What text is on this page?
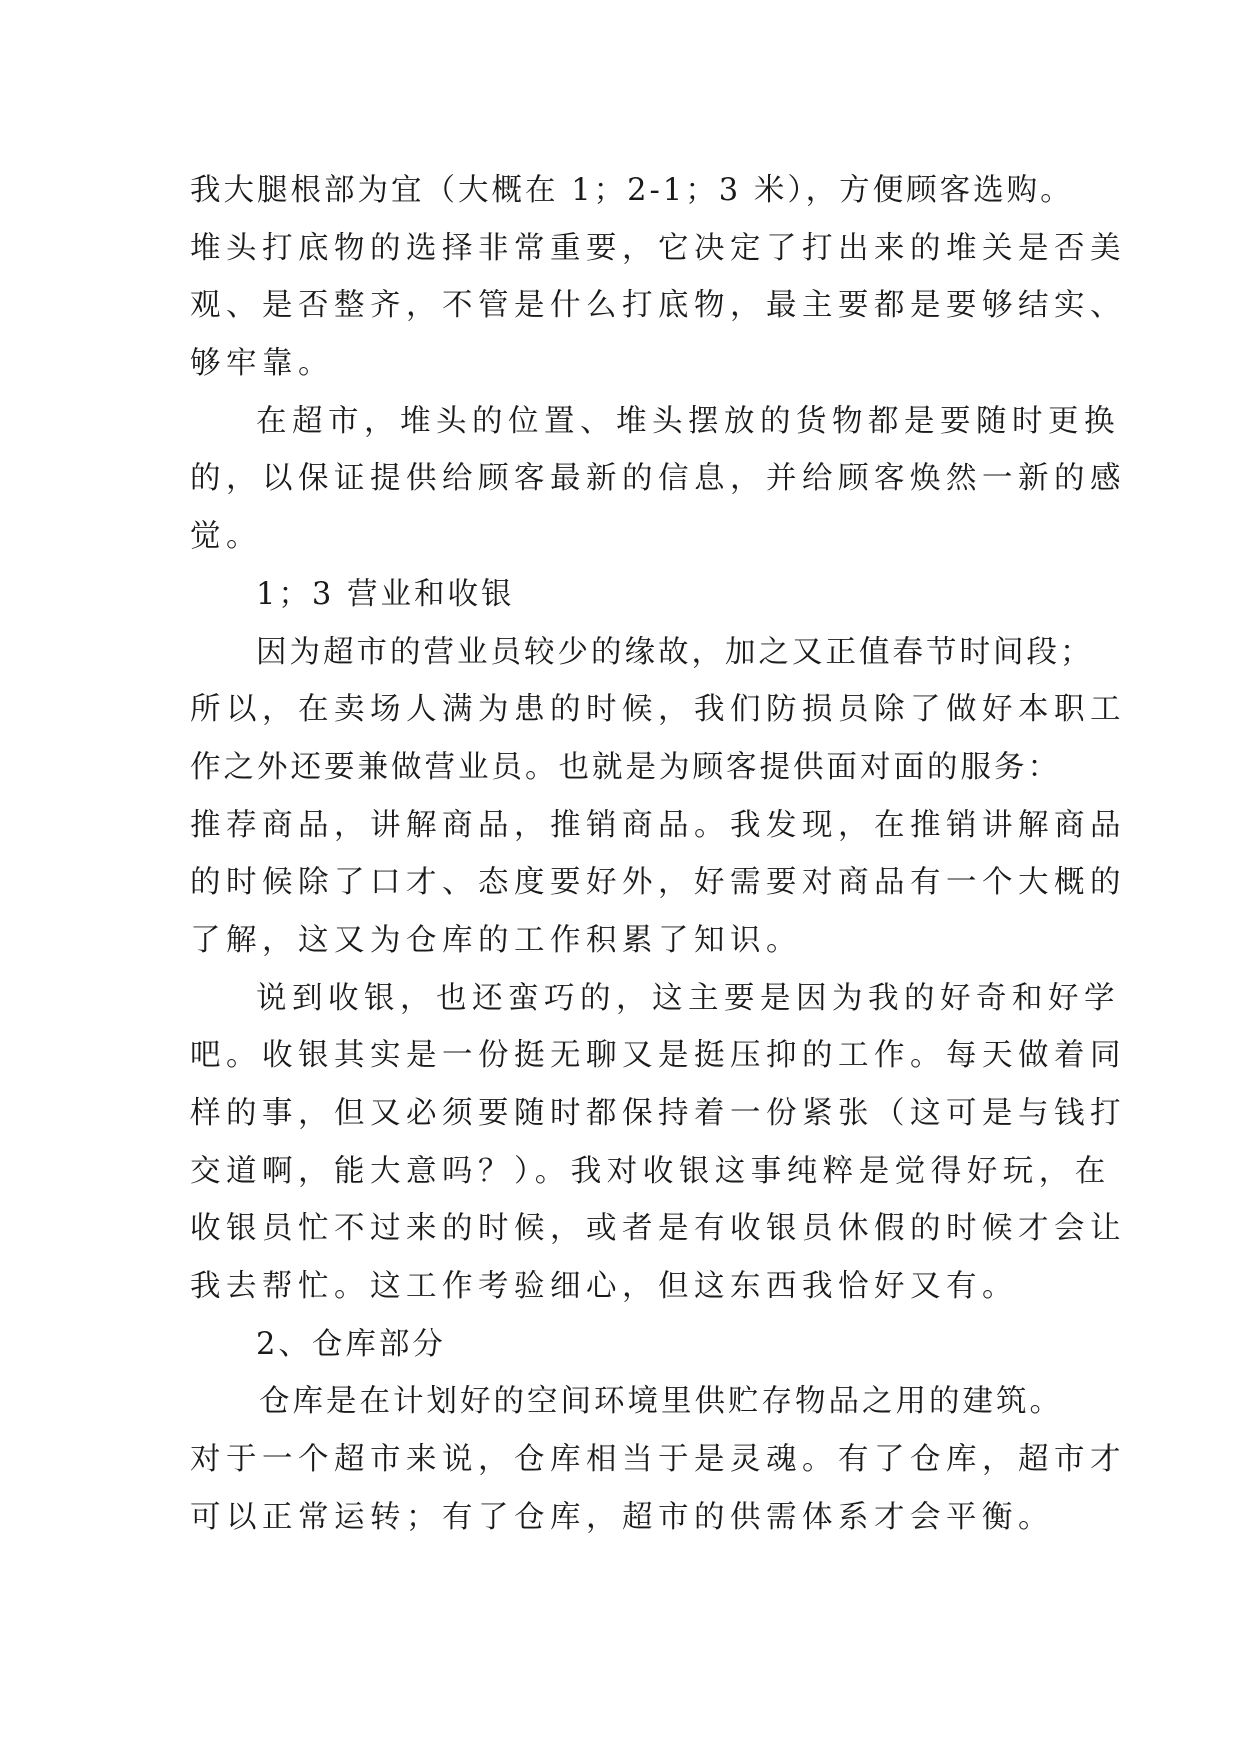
我大腿根部为宜（大概在 1；2-1；3 米），方便顾客选购。
堆头打底物的选择非常重要，它决定了打出来的堆关是否美
观、是否整齐，不管是什么打底物，最主要都是要够结实、
够牢靠。
在超市，堆头的位置、堆头摆放的货物都是要随时更换
的，以保证提供给顾客最新的信息，并给顾客焕然一新的感
觉。
1；3 营业和收银
因为超市的营业员较少的缘故，加之又正值春节时间段；
所以，在卖场人满为患的时候，我们防损员除了做好本职工
作之外还要兼做营业员。也就是为顾客提供面对面的服务：
推荐商品，讲解商品，推销商品。我发现，在推销讲解商品
的时候除了口才、态度要好外，好需要对商品有一个大概的
了解，这又为仓库的工作积累了知识。
说到收银，也还蛮巧的，这主要是因为我的好奇和好学
吧。收银其实是一份挺无聊又是挺压抑的工作。每天做着同
样的事，但又必须要随时都保持着一份紧张（这可是与钱打
交道啊，能大意吗？）。我对收银这事纯粹是觉得好玩，在
收银员忙不过来的时候，或者是有收银员休假的时候才会让
我去帮忙。这工作考验细心，但这东西我恰好又有。
2、仓库部分
仓库是在计划好的空间环境里供贮存物品之用的建筑。
对于一个超市来说，仓库相当于是灵魂。有了仓库，超市才
可以正常运转；有了仓库，超市的供需体系才会平衡。
